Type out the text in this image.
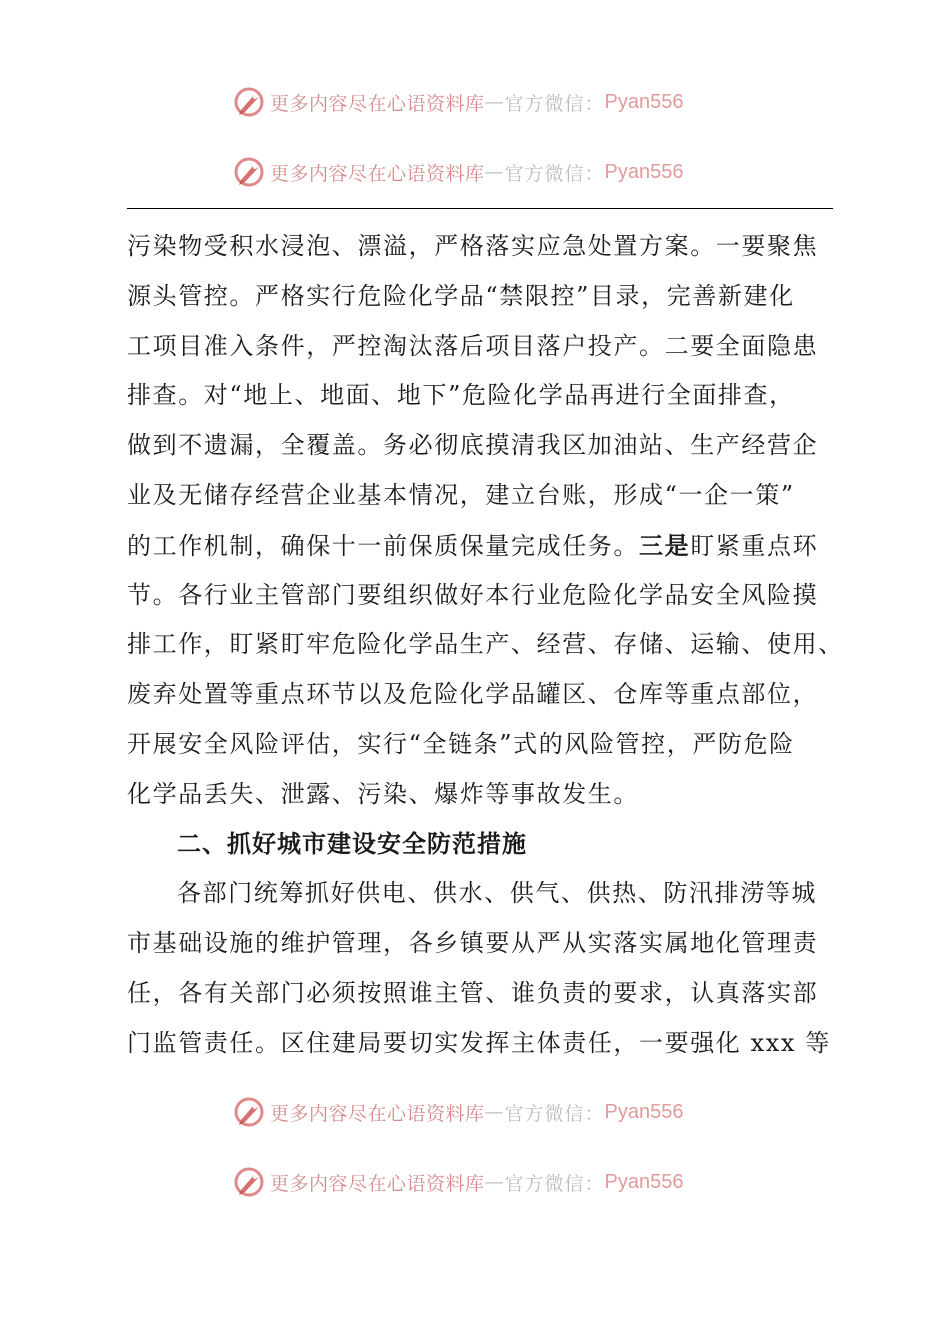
更多内容尽在心语资料库 — 官方微信： Pyan556
更多内容尽在心语资料库 — 官方微信： Pyan556
污染物受积水浸泡、漂溢，严格落实应急处置方案。一要聚焦
源头管控。严格实行危险化学品“禁限控”目录，完善新建化
工项目准入条件，严控淘汰落后项目落户投产。二要全面隐患
排查。对“地上、地面、地下”危险化学品再进行全面排查，
做到不遗漏，全覆盖。务必彻底摸清我区加油站、生产经营企
业及无储存经营企业基本情况，建立台账，形成“一企一策”
的工作机制，确保十一前保质保量完成任务。三是盯紧重点环
节。各行业主管部门要组织做好本行业危险化学品安全风险摸
排工作，盯紧盯牢危险化学品生产、经营、存储、运输、使用、
废弃处置等重点环节以及危险化学品罐区、仓库等重点部位，
开展安全风险评估，实行“全链条”式的风险管控，严防危险
化学品丢失、泄露、污染、爆炸等事故发生。
二、抓好城市建设安全防范措施
各部门统筹抓好供电、供水、供气、供热、防汛排涝等城
市基础设施的维护管理，各乡镇要从严从实落实属地化管理责
任，各有关部门必须按照谁主管、谁负责的要求，认真落实部
门监管责任。区住建局要切实发挥主体责任，一要强化 xxx 等
更多内容尽在心语资料库 — 官方微信： Pyan556
更多内容尽在心语资料库 — 官方微信： Pyan556
